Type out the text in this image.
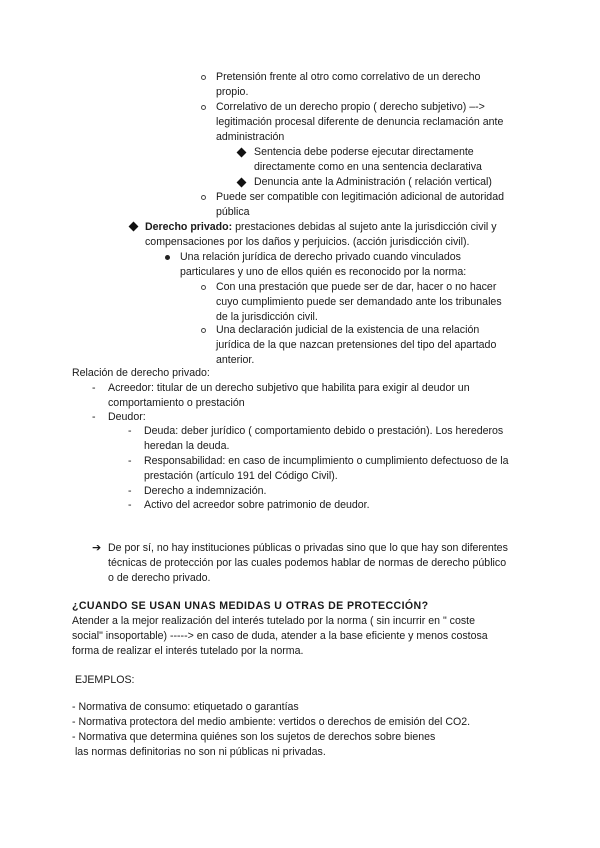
Pretensión frente al otro como correlativo de un derecho

propio.

Correlativo de un derecho propio ( derecho subjetivo) –->

legitimación procesal diferente de denuncia reclamación ante

administración

Sentencia debe poderse ejecutar directamente

directamente como en una sentencia declarativa

Denuncia ante la Administración ( relación vertical)

Puede ser compatible con legitimación adicional de autoridad

pública

Derecho privado: prestaciones debidas al sujeto ante la jurisdicción civil y

compensaciones por los daños y perjuicios. (acción jurisdicción civil).

Una relación jurídica de derecho privado cuando vinculados

particulares y uno de ellos quién es reconocido por la norma:

Con una prestación que puede ser de dar, hacer o no hacer

cuyo cumplimiento puede ser demandado ante los tribunales

de la jurisdicción civil.

Una declaración judicial de la existencia de una relación

jurídica de la que nazcan pretensiones del tipo del apartado

anterior.

Relación de derecho privado:

- Acreedor: titular de un derecho subjetivo que habilita para exigir al deudor un

comportamiento o prestación

- Deudor:

- Deuda: deber jurídico ( comportamiento debido o prestación). Los herederos

heredan la deuda.

- Responsabilidad: en caso de incumplimiento o cumplimiento defectuoso de la

prestación (artículo 191 del Código Civil).

- Derecho a indemnización.

- Activo del acreedor sobre patrimonio de deudor.

➔ De por sí, no hay instituciones públicas o privadas sino que lo que hay son diferentes

técnicas de protección por las cuales podemos hablar de normas de derecho público

o de derecho privado.

¿CUANDO SE USAN UNAS MEDIDAS U OTRAS DE PROTECCIÓN?

Atender a la mejor realización del interés tutelado por la norma ( sin incurrir en " coste

social" insoportable) -----> en caso de duda, atender a la base eficiente y menos costosa

forma de realizar el interés tutelado por la norma.

EJEMPLOS:

- Normativa de consumo: etiquetado o garantías

- Normativa protectora del medio ambiente: vertidos o derechos de emisión del CO2.

- Normativa que determina quiénes son los sujetos de derechos sobre bienes

las normas definitorias no son ni públicas ni privadas.
